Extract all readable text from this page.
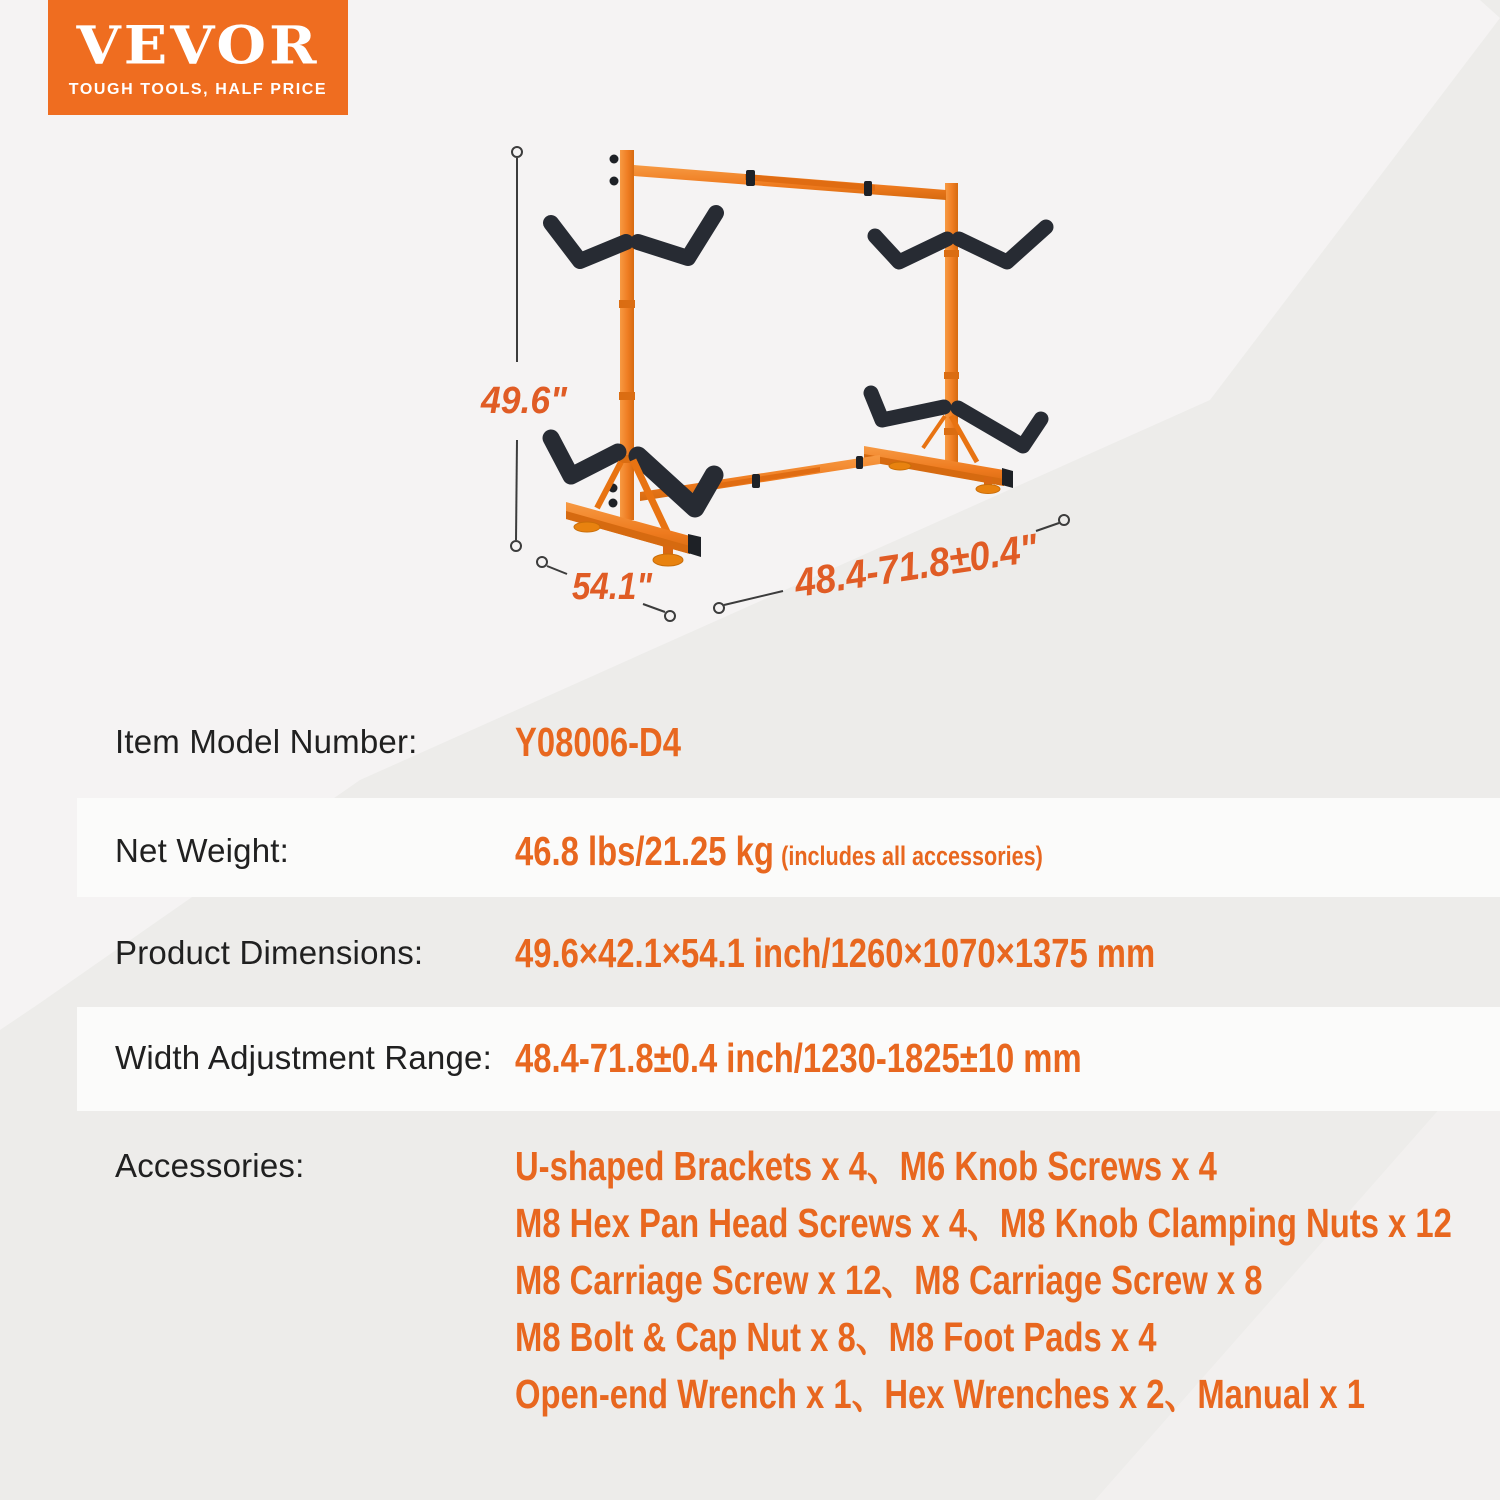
VEVOR
TOUGH TOOLS, HALF PRICE
49.6"
54.1"	48.4-71.8±0.4"
Item Model Number: Y08006-D4
Net Weight:	46.8 lbs/21.25 kg (includes all accessories)
Product Dimensions: 49.6×42.1×54.1 inch/1260×1070×1375 mm
Width Adjustment Range: 48.4-71.8±0.4 inch/1230-1825±10 mm
Accessories:	U-shaped Brackets x 4、M6 Knob Screws x 4
M8 Hex Pan Head Screws x 4、M8 Knob Clamping Nuts x 12
M8 Carriage Screw x 12、M8 Carriage Screw x 8
M8 Bolt & Cap Nut x 8、M8 Foot Pads x 4
Open-end Wrench x 1、Hex Wrenches x 2、Manual x 1
